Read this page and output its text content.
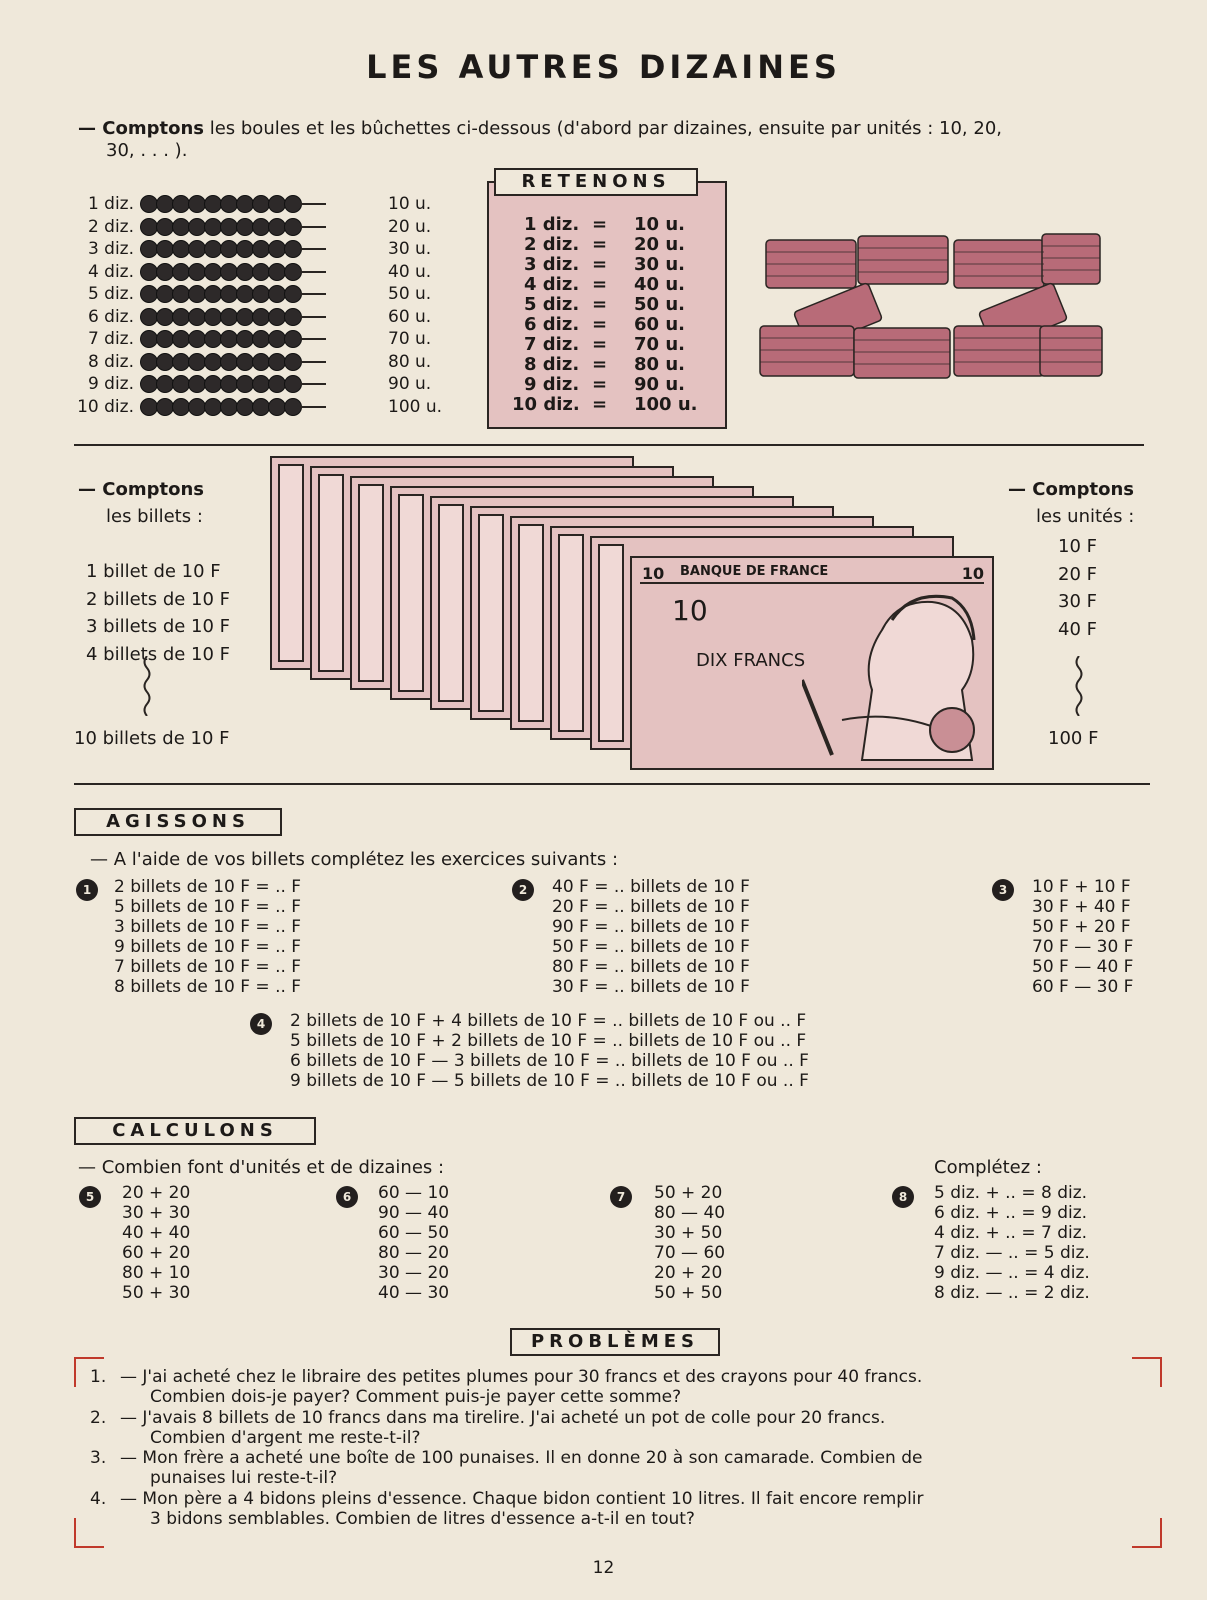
LES AUTRES DIZAINES
— Comptons les boules et les bûchettes ci-dessous (d'abord par dizaines, ensuite par unités : 10, 20,
30, . . . ).
1 diz.	10 u.
2 diz.	20 u.
3 diz.	30 u.
4 diz.	40 u.
5 diz.	50 u.
6 diz.	60 u.
7 diz.	70 u.
8 diz.	80 u.
9 diz.	90 u.
10 diz.	100 u.
RETENONS
1 diz. = 10 u.
2 diz. = 20 u.
3 diz. = 30 u.
4 diz. = 40 u.
5 diz. = 50 u.
6 diz. = 60 u.
7 diz. = 70 u.
8 diz. = 80 u.
9 diz. = 90 u.
10 diz. = 100 u.
— Comptons
les billets :
1 billet de 10 F
2 billets de 10 F
3 billets de 10 F
4 billets de 10 F
10 billets de 10 F
— Comptons
les unités :
10 F
20 F
30 F
40 F
100 F
10 BANQUE DE FRANCE	10
10
DIX FRANCS
AGISSONS
— A l'aide de vos billets complétez les exercices suivants :
1	2 billets de 10 F = .. F
5 billets de 10 F = .. F
3 billets de 10 F = .. F
9 billets de 10 F = .. F
7 billets de 10 F = .. F
8 billets de 10 F = .. F
2	40 F = .. billets de 10 F
20 F = .. billets de 10 F
90 F = .. billets de 10 F
50 F = .. billets de 10 F
80 F = .. billets de 10 F
30 F = .. billets de 10 F
3	10 F + 10 F
30 F + 40 F
50 F + 20 F
70 F — 30 F
50 F — 40 F
60 F — 30 F
4	2 billets de 10 F + 4 billets de 10 F = .. billets de 10 F ou .. F
5 billets de 10 F + 2 billets de 10 F = .. billets de 10 F ou .. F
6 billets de 10 F — 3 billets de 10 F = .. billets de 10 F ou .. F
9 billets de 10 F — 5 billets de 10 F = .. billets de 10 F ou .. F
CALCULONS
— Combien font d'unités et de dizaines :	Complétez :
5	20 + 20
30 + 30
40 + 40
60 + 20
80 + 10
50 + 30
6	60 — 10
90 — 40
60 — 50
80 — 20
30 — 20
40 — 30
7	50 + 20
80 — 40
30 + 50
70 — 60
20 + 20
50 + 50
8	5 diz. + .. = 8 diz.
6 diz. + .. = 9 diz.
4 diz. + .. = 7 diz.
7 diz. — .. = 5 diz.
9 diz. — .. = 4 diz.
8 diz. — .. = 2 diz.
PROBLÈMES
1. — J'ai acheté chez le libraire des petites plumes pour 30 francs et des crayons pour 40 francs.
Combien dois-je payer? Comment puis-je payer cette somme?
2. — J'avais 8 billets de 10 francs dans ma tirelire. J'ai acheté un pot de colle pour 20 francs.
Combien d'argent me reste-t-il?
3. — Mon frère a acheté une boîte de 100 punaises. Il en donne 20 à son camarade. Combien de
punaises lui reste-t-il?
4. — Mon père a 4 bidons pleins d'essence. Chaque bidon contient 10 litres. Il fait encore remplir
3 bidons semblables. Combien de litres d'essence a-t-il en tout?
12
